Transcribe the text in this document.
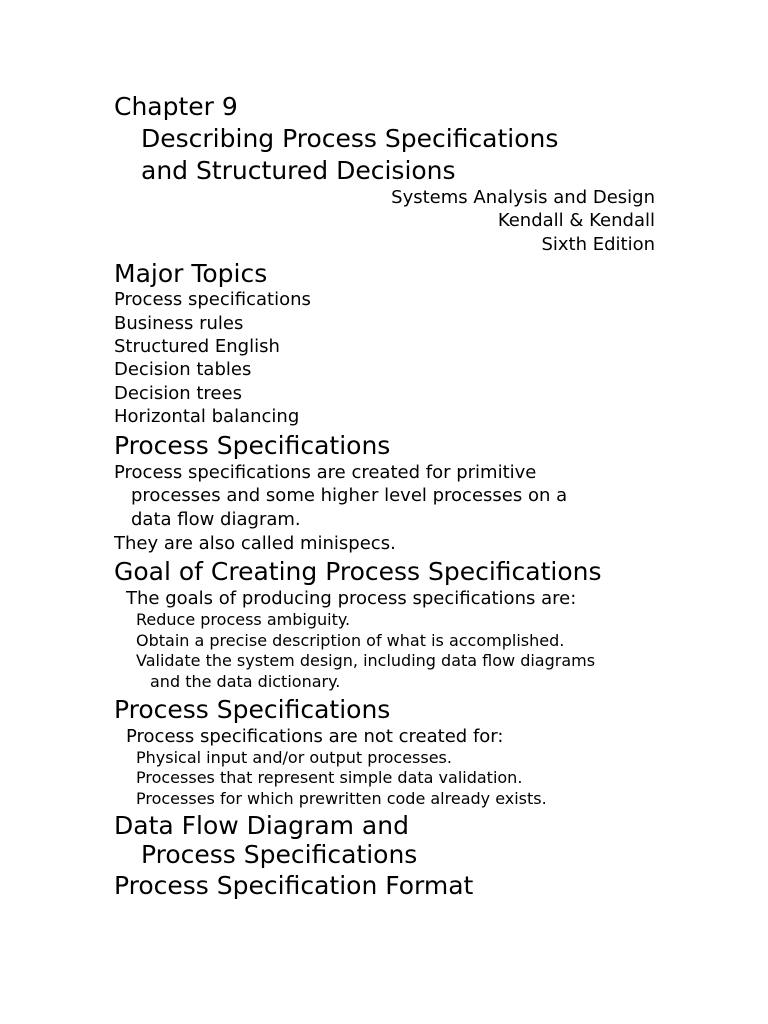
Chapter 9
Describing Process Specifications
and Structured Decisions
Systems Analysis and Design
Kendall & Kendall
Sixth Edition
Major Topics
Process specifications
Business rules
Structured English
Decision tables
Decision trees
Horizontal balancing
Process Specifications
Process specifications are created for primitive
processes and some higher level processes on a
data flow diagram.
They are also called minispecs.
Goal of Creating Process Specifications
The goals of producing process specifications are:
Reduce process ambiguity.
Obtain a precise description of what is accomplished.
Validate the system design, including data flow diagrams
and the data dictionary.
Process Specifications
Process specifications are not created for:
Physical input and/or output processes.
Processes that represent simple data validation.
Processes for which prewritten code already exists.
Data Flow Diagram and
Process Specifications
Process Specification Format
